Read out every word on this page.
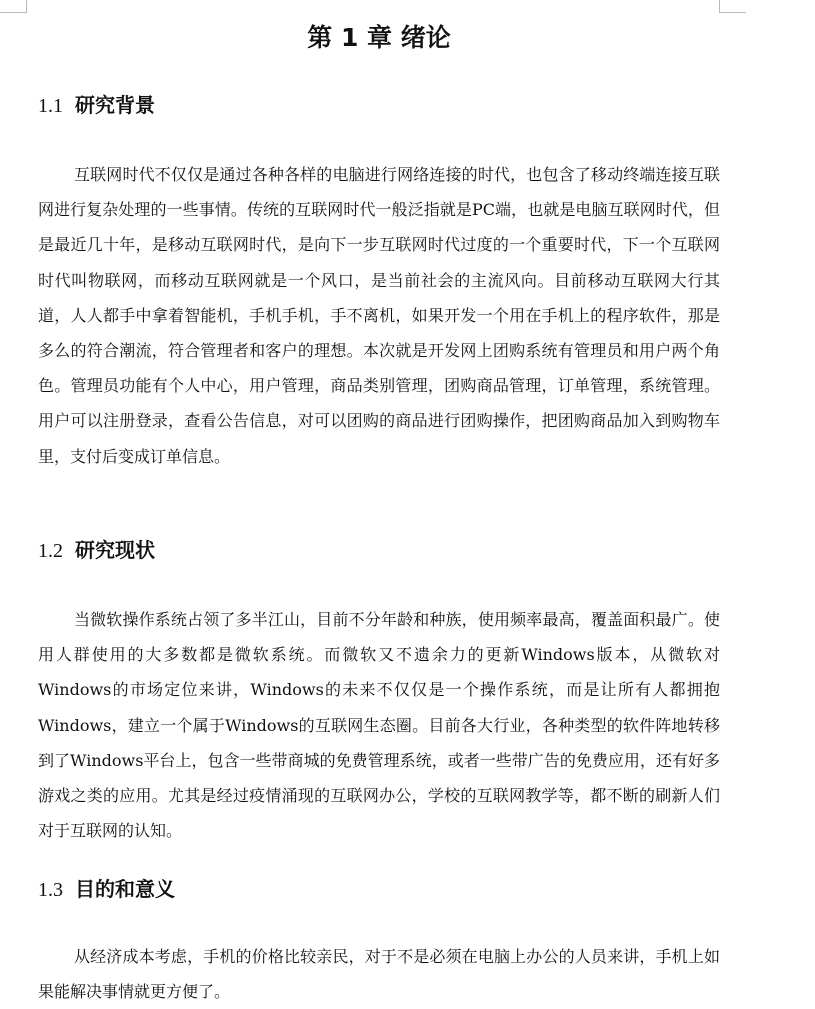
第 1 章 绪论
1.1 研究背景

互联网时代不仅仅是通过各种各样的电脑进行网络连接的时代，也包含了移动终端连接互联网进行复杂处理的一些事情。传统的互联网时代一般泛指就是PC端，也就是电脑互联网时代，但是最近几十年，是移动互联网时代，是向下一步互联网时代过度的一个重要时代，下一个互联网时代叫物联网，而移动互联网就是一个风口，是当前社会的主流风向。目前移动互联网大行其道，人人都手中拿着智能机，手机手机，手不离机，如果开发一个用在手机上的程序软件，那是多么的符合潮流，符合管理者和客户的理想。本次就是开发网上团购系统有管理员和用户两个角色。管理员功能有个人中心，用户管理，商品类别管理，团购商品管理，订单管理，系统管理。用户可以注册登录，查看公告信息，对可以团购的商品进行团购操作，把团购商品加入到购物车里，支付后变成订单信息。

1.2 研究现状

当微软操作系统占领了多半江山，目前不分年龄和种族，使用频率最高，覆盖面积最广。使用人群使用的大多数都是微软系统。而微软又不遗余力的更新Windows版本，从微软对Windows的市场定位来讲，Windows的未来不仅仅是一个操作系统，而是让所有人都拥抱Windows，建立一个属于Windows的互联网生态圈。目前各大行业，各种类型的软件阵地转移到了Windows平台上，包含一些带商城的免费管理系统，或者一些带广告的免费应用，还有好多游戏之类的应用。尤其是经过疫情涌现的互联网办公，学校的互联网教学等，都不断的刷新人们对于互联网的认知。

1.3 目的和意义

从经济成本考虑，手机的价格比较亲民，对于不是必须在电脑上办公的人员来讲，手机上如果能解决事情就更方便了。
